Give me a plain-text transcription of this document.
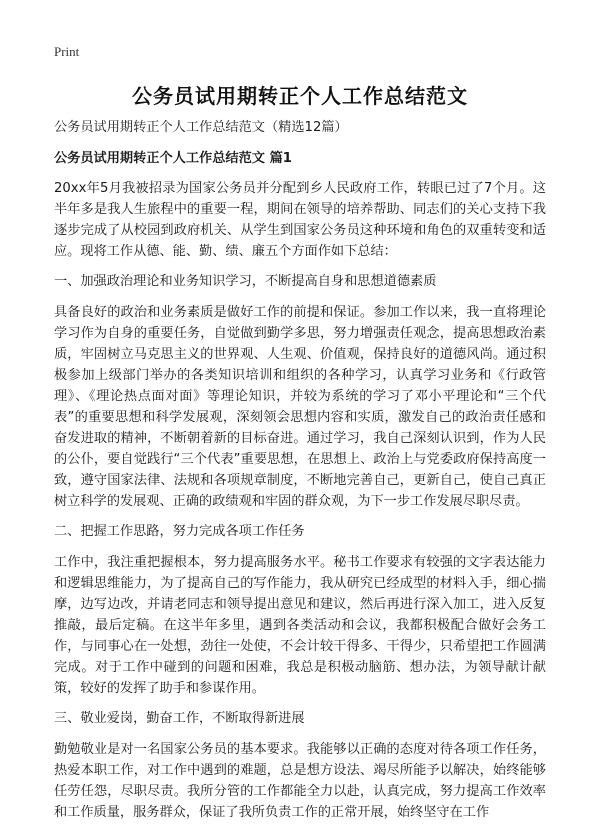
Print
公务员试用期转正个人工作总结范文

公务员试用期转正个人工作总结范文（精选12篇）

公务员试用期转正个人工作总结范文 篇1

20xx年5月我被招录为国家公务员并分配到乡人民政府工作，转眼已过了7个月。这半年多是我人生旅程中的重要一程，期间在领导的培养帮助、同志们的关心支持下我逐步完成了从校园到政府机关、从学生到国家公务员这种环境和角色的双重转变和适应。现将工作从德、能、勤、绩、廉五个方面作如下总结：

一、加强政治理论和业务知识学习，不断提高自身和思想道德素质

具备良好的政治和业务素质是做好工作的前提和保证。参加工作以来，我一直将理论学习作为自身的重要任务，自觉做到勤学多思，努力增强责任观念，提高思想政治素质，牢固树立马克思主义的世界观、人生观、价值观，保持良好的道德风尚。通过积极参加上级部门举办的各类知识培训和组织的各种学习，认真学习业务和《行政管理》、《理论热点面对面》等理论知识，并较为系统的学习了邓小平理论和“三个代表”的重要思想和科学发展观，深刻领会思想内容和实质，激发自己的政治责任感和奋发进取的精神，不断朝着新的目标奋进。通过学习，我自己深刻认识到，作为人民的公仆，要自觉践行“三个代表”重要思想，在思想上、政治上与党委政府保持高度一致，遵守国家法律、法规和各项规章制度，不断地完善自己，更新自己，使自己真正树立科学的发展观、正确的政绩观和牢固的群众观，为下一步工作发展尽职尽责。

二、把握工作思路，努力完成各项工作任务

工作中，我注重把握根本，努力提高服务水平。秘书工作要求有较强的文字表达能力和逻辑思维能力，为了提高自己的写作能力，我从研究已经成型的材料入手，细心揣摩，边写边改，并请老同志和领导提出意见和建议，然后再进行深入加工，进入反复推敲，最后定稿。在这半年多里，遇到各类活动和会议，我都积极配合做好会务工作，与同事心在一处想，劲往一处使，不会计较干得多、干得少，只希望把工作圆满完成。对于工作中碰到的问题和困难，我总是积极动脑筋、想办法，为领导献计献策，较好的发挥了助手和参谋作用。

三、敬业爱岗，勤奋工作，不断取得新进展

勤勉敬业是对一名国家公务员的基本要求。我能够以正确的态度对待各项工作任务，热爱本职工作，对工作中遇到的难题，总是想方设法、竭尽所能予以解决，始终能够任劳任怨，尽职尽责。我所分管的工作都能全力以赴，认真完成，努力提高工作效率和工作质量，服务群众，保证了我所负责工作的正常开展，始终坚守在工作
